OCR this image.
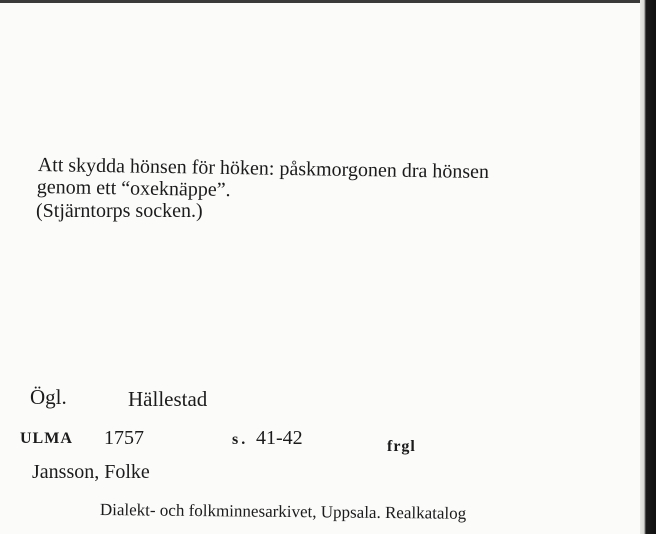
Att skydda hönsen för höken: påskmorgonen dra hönsen

genom ett “oxeknäppe”.

(Stjärntorps socken.)

Ögl.	Hällestad

ULMA 1757	s. 41-42	frgl

Jansson, Folke

Dialekt- och folkminnesarkivet, Uppsala. Realkatalog
